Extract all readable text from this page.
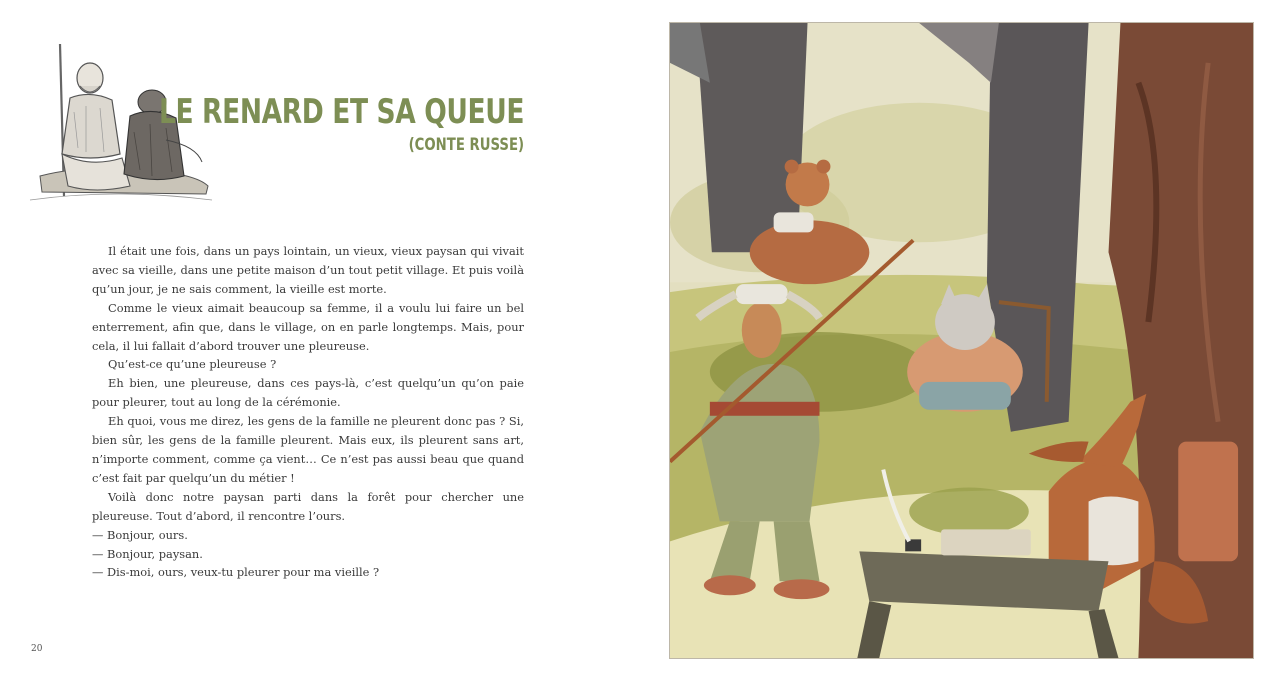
LE RENARD ET SA QUEUE
(CONTE RUSSE)

Il était une fois, dans un pays lointain, un vieux, vieux paysan qui vivait avec sa vieille, dans une petite maison d’un tout petit village. Et puis voilà qu’un jour, je ne sais comment, la vieille est morte.

Comme le vieux aimait beaucoup sa femme, il a voulu lui faire un bel enterrement, afin que, dans le village, on en parle longtemps. Mais, pour cela, il lui fallait d’abord trouver une pleureuse.

Qu’est-ce qu’une pleureuse ?

Eh bien, une pleureuse, dans ces pays-là, c’est quelqu’un qu’on paie pour pleurer, tout au long de la cérémonie.

Eh quoi, vous me direz, les gens de la famille ne pleurent donc pas ? Si, bien sûr, les gens de la famille pleurent. Mais eux, ils pleurent sans art, n’importe comment, comme ça vient… Ce n’est pas aussi beau que quand c’est fait par quelqu’un du métier !

Voilà donc notre paysan parti dans la forêt pour chercher une pleureuse. Tout d’abord, il rencontre l’ours.

— Bonjour, ours.

— Bonjour, paysan.

— Dis-moi, ours, veux-tu pleurer pour ma vieille ?

20
